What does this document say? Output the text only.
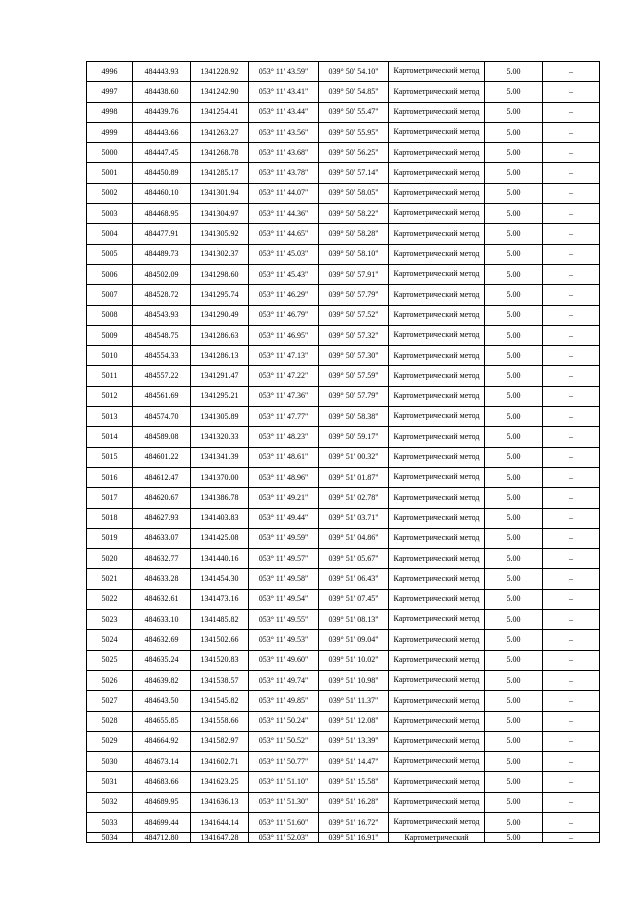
4996	484443.93	1341228.92	053° 11' 43.59"	039° 50' 54.10"	Картометрический метод	5.00	–
4997	484438.60	1341242.90	053° 11' 43.41"	039° 50' 54.85"	Картометрический метод	5.00	–
4998	484439.76	1341254.41	053° 11' 43.44"	039° 50' 55.47"	Картометрический метод	5.00	–
4999	484443.66	1341263.27	053° 11' 43.56"	039° 50' 55.95"	Картометрический метод	5.00	–
5000	484447.45	1341268.78	053° 11' 43.68"	039° 50' 56.25"	Картометрический метод	5.00	–
5001	484450.89	1341285.17	053° 11' 43.78"	039° 50' 57.14"	Картометрический метод	5.00	–
5002	484460.10	1341301.94	053° 11' 44.07"	039° 50' 58.05"	Картометрический метод	5.00	–
5003	484468.95	1341304.97	053° 11' 44.36"	039° 50' 58.22"	Картометрический метод	5.00	–
5004	484477.91	1341305.92	053° 11' 44.65"	039° 50' 58.28"	Картометрический метод	5.00	–
5005	484489.73	1341302.37	053° 11' 45.03"	039° 50' 58.10"	Картометрический метод	5.00	–
5006	484502.09	1341298.60	053° 11' 45.43"	039° 50' 57.91"	Картометрический метод	5.00	–
5007	484528.72	1341295.74	053° 11' 46.29"	039° 50' 57.79"	Картометрический метод	5.00	–
5008	484543.93	1341290.49	053° 11' 46.79"	039° 50' 57.52"	Картометрический метод	5.00	–
5009	484548.75	1341286.63	053° 11' 46.95"	039° 50' 57.32"	Картометрический метод	5.00	–
5010	484554.33	1341286.13	053° 11' 47.13"	039° 50' 57.30"	Картометрический метод	5.00	–
5011	484557.22	1341291.47	053° 11' 47.22"	039° 50' 57.59"	Картометрический метод	5.00	–
5012	484561.69	1341295.21	053° 11' 47.36"	039° 50' 57.79"	Картометрический метод	5.00	–
5013	484574.70	1341305.89	053° 11' 47.77"	039° 50' 58.38"	Картометрический метод	5.00	–
5014	484589.08	1341320.33	053° 11' 48.23"	039° 50' 59.17"	Картометрический метод	5.00	–
5015	484601.22	1341341.39	053° 11' 48.61"	039° 51' 00.32"	Картометрический метод	5.00	–
5016	484612.47	1341370.00	053° 11' 48.96"	039° 51' 01.87"	Картометрический метод	5.00	–
5017	484620.67	1341386.78	053° 11' 49.21"	039° 51' 02.78"	Картометрический метод	5.00	–
5018	484627.93	1341403.83	053° 11' 49.44"	039° 51' 03.71"	Картометрический метод	5.00	–
5019	484633.07	1341425.08	053° 11' 49.59"	039° 51' 04.86"	Картометрический метод	5.00	–
5020	484632.77	1341440.16	053° 11' 49.57"	039° 51' 05.67"	Картометрический метод	5.00	–
5021	484633.28	1341454.30	053° 11' 49.58"	039° 51' 06.43"	Картометрический метод	5.00	–
5022	484632.61	1341473.16	053° 11' 49.54"	039° 51' 07.45"	Картометрический метод	5.00	–
5023	484633.10	1341485.82	053° 11' 49.55"	039° 51' 08.13"	Картометрический метод	5.00	–
5024	484632.69	1341502.66	053° 11' 49.53"	039° 51' 09.04"	Картометрический метод	5.00	–
5025	484635.24	1341520.83	053° 11' 49.60"	039° 51' 10.02"	Картометрический метод	5.00	–
5026	484639.82	1341538.57	053° 11' 49.74"	039° 51' 10.98"	Картометрический метод	5.00	–
5027	484643.50	1341545.82	053° 11' 49.85"	039° 51' 11.37"	Картометрический метод	5.00	–
5028	484655.85	1341558.66	053° 11' 50.24"	039° 51' 12.08"	Картометрический метод	5.00	–
5029	484664.92	1341582.97	053° 11' 50.52"	039° 51' 13.39"	Картометрический метод	5.00	–
5030	484673.14	1341602.71	053° 11' 50.77"	039° 51' 14.47"	Картометрический метод	5.00	–
5031	484683.66	1341623.25	053° 11' 51.10"	039° 51' 15.58"	Картометрический метод	5.00	–
5032	484689.95	1341636.13	053° 11' 51.30"	039° 51' 16.28"	Картометрический метод	5.00	–
5033	484699.44	1341644.14	053° 11' 51.60"	039° 51' 16.72"	Картометрический метод	5.00	–
5034	484712.80	1341647.28	053° 11' 52.03"	039° 51' 16.91"	Картометрический	5.00	–
